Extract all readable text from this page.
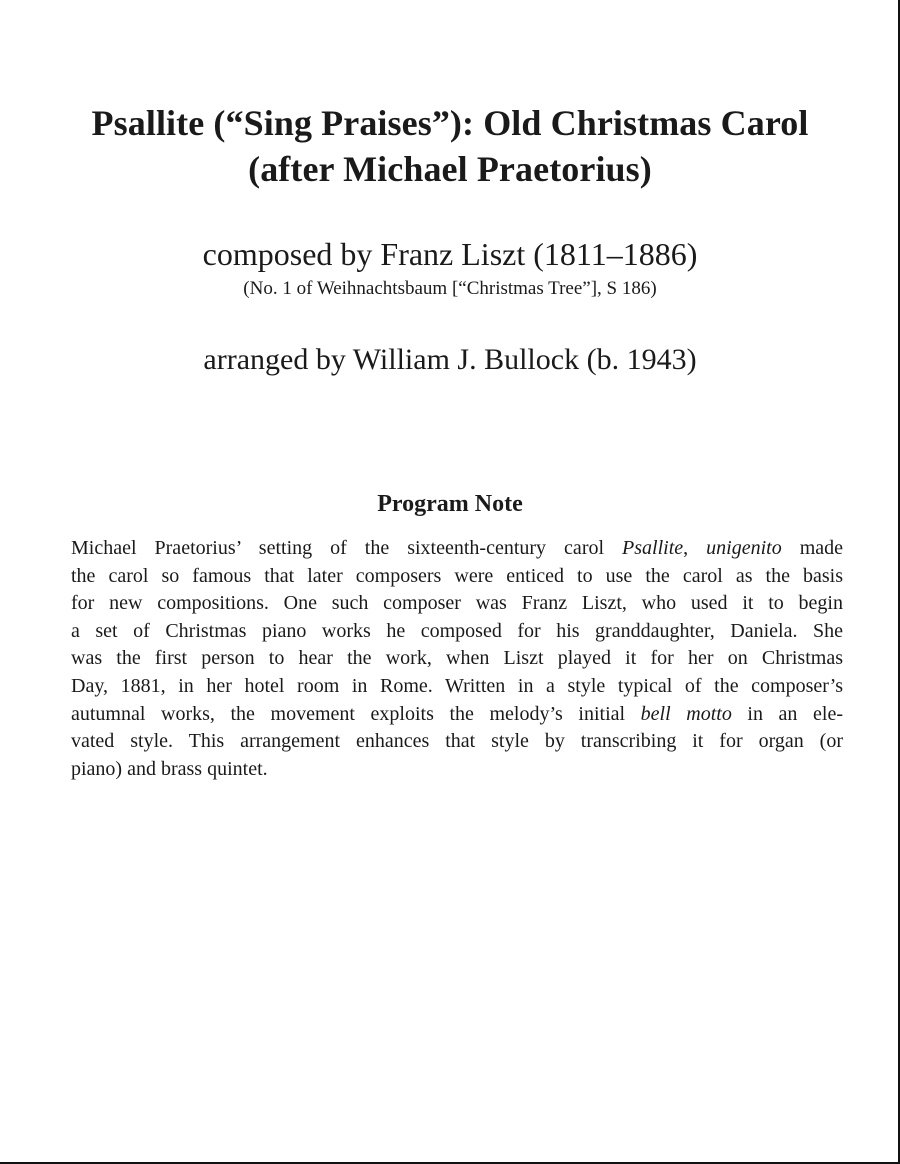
Psallite (“Sing Praises”): Old Christmas Carol
(after Michael Praetorius)
composed by Franz Liszt (1811–1886)
(No. 1 of Weihnachtsbaum [“Christmas Tree”], S 186)
arranged by William J. Bullock (b. 1943)
Program Note
Michael Praetorius’ setting of the sixteenth-century carol Psallite, unigenito made
the carol so famous that later composers were enticed to use the carol as the basis
for new compositions. One such composer was Franz Liszt, who used it to begin
a set of Christmas piano works he composed for his granddaughter, Daniela. She
was the first person to hear the work, when Liszt played it for her on Christmas
Day, 1881, in her hotel room in Rome. Written in a style typical of the composer’s
autumnal works, the movement exploits the melody’s initial bell motto in an ele-
vated style. This arrangement enhances that style by transcribing it for organ (or
piano) and brass quintet.
